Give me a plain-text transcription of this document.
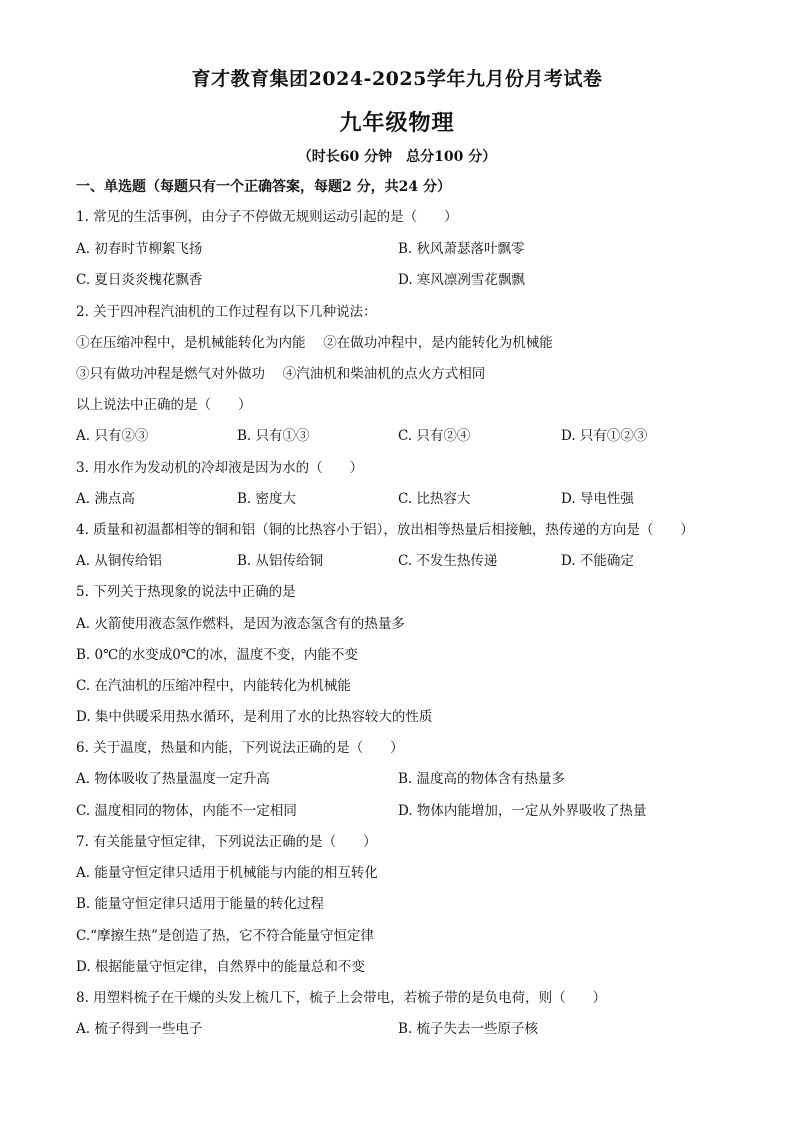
育才教育集团2024-2025学年九月份月考试卷
九年级物理
（时长60 分钟　总分100 分）
一、单选题（每题只有一个正确答案，每题2 分，共24 分）
1. 常见的生活事例，由分子不停做无规则运动引起的是（　　）
A. 初春时节柳絮飞扬	B. 秋风萧瑟落叶飘零
C. 夏日炎炎槐花飘香	D. 寒风凛冽雪花飘飘
2. 关于四冲程汽油机的工作过程有以下几种说法：
①在压缩冲程中，是机械能转化为内能　 ②在做功冲程中，是内能转化为机械能
③只有做功冲程是燃气对外做功　 ④汽油机和柴油机的点火方式相同
以上说法中正确的是（　　）
A. 只有②③	B. 只有①③	C. 只有②④	D. 只有①②③
3. 用水作为发动机的冷却液是因为水的（　　）
A. 沸点高	B. 密度大	C. 比热容大	D. 导电性强
4. 质量和初温都相等的铜和铝（铜的比热容小于铝），放出相等热量后相接触，热传递的方向是（　　）
A. 从铜传给铝	B. 从铝传给铜	C. 不发生热传递	D. 不能确定
5. 下列关于热现象的说法中正确的是
A. 火箭使用液态氢作燃料，是因为液态氢含有的热量多
B. 0℃的水变成0℃的冰，温度不变，内能不变
C. 在汽油机的压缩冲程中，内能转化为机械能
D. 集中供暖采用热水循环，是利用了水的比热容较大的性质
6. 关于温度，热量和内能，下列说法正确的是（　　）
A. 物体吸收了热量温度一定升高	B. 温度高的物体含有热量多
C. 温度相同的物体，内能不一定相同	D. 物体内能增加，一定从外界吸收了热量
7. 有关能量守恒定律，下列说法正确的是（　　）
A. 能量守恒定律只适用于机械能与内能的相互转化
B. 能量守恒定律只适用于能量的转化过程
C.“摩擦生热”是创造了热，它不符合能量守恒定律
D. 根据能量守恒定律，自然界中的能量总和不变
8. 用塑料梳子在干燥的头发上梳几下，梳子上会带电，若梳子带的是负电荷，则（　　）
A. 梳子得到一些电子	B. 梳子失去一些原子核
